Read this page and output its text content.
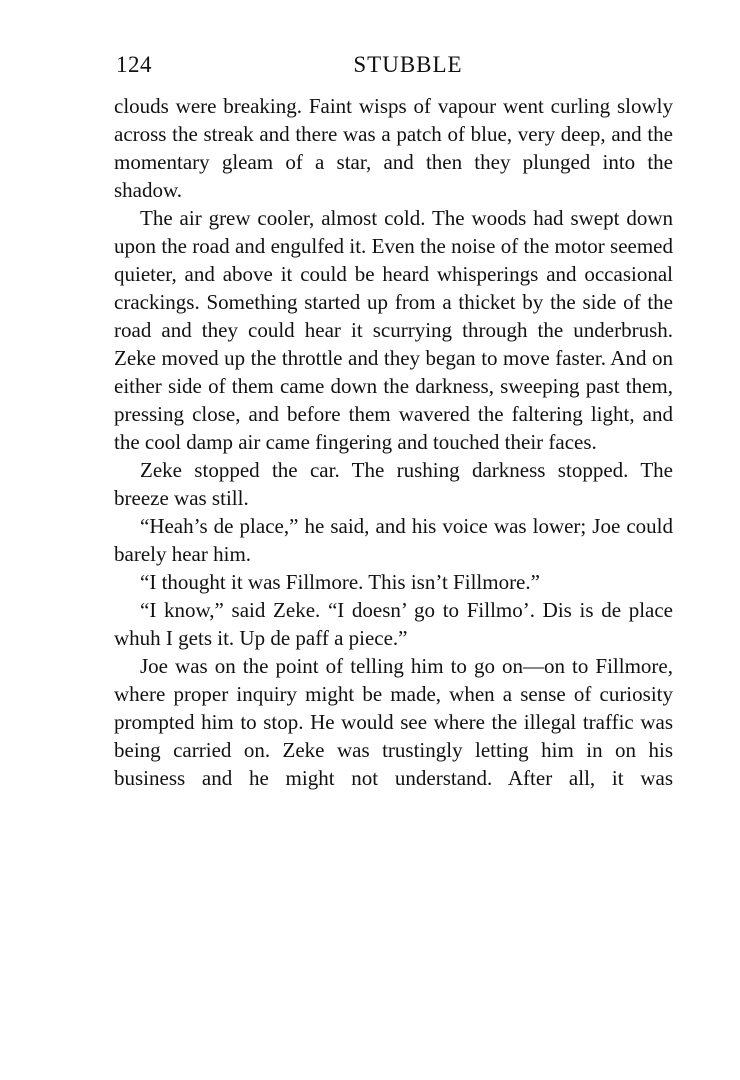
124	STUBBLE

clouds were breaking. Faint wisps of vapour went curling slowly across the streak and there was a patch of blue, very deep, and the momentary gleam of a star, and then they plunged into the shadow.

The air grew cooler, almost cold. The woods had swept down upon the road and engulfed it. Even the noise of the motor seemed quieter, and above it could be heard whisperings and occasional crackings. Something started up from a thicket by the side of the road and they could hear it scurrying through the underbrush. Zeke moved up the throttle and they began to move faster. And on either side of them came down the darkness, sweeping past them, pressing close, and before them wavered the faltering light, and the cool damp air came fingering and touched their faces.

Zeke stopped the car. The rushing darkness stopped. The breeze was still.

“Heah’s de place,” he said, and his voice was lower; Joe could barely hear him.

“I thought it was Fillmore. This isn’t Fillmore.”

“I know,” said Zeke. “I doesn’ go to Fillmo’. Dis is de place whuh I gets it. Up de paff a piece.”

Joe was on the point of telling him to go on—on to Fillmore, where proper inquiry might be made, when a sense of curiosity prompted him to stop. He would see where the illegal traffic was being carried on. Zeke was trustingly letting him in on his business and he might not understand. After all, it was
